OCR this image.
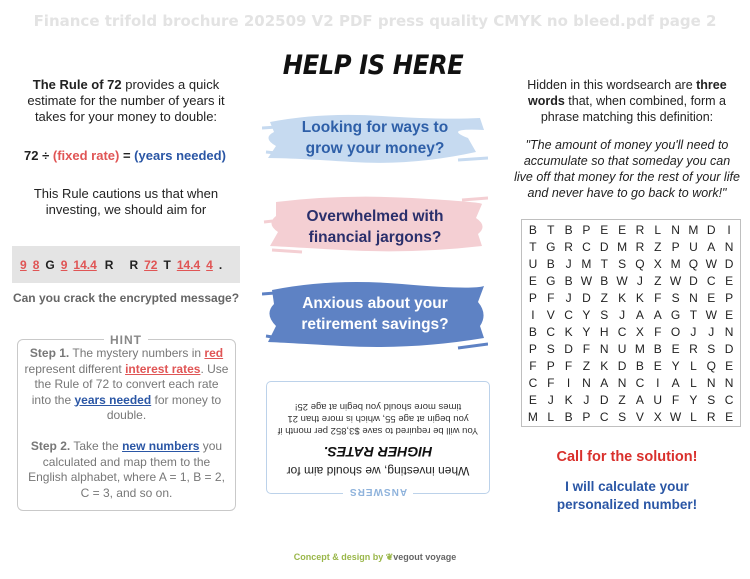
Finance trifold brochure 202509 V2 PDF press quality CMYK no bleed.pdf page 2
The Rule of 72 provides a quick estimate for the number of years it takes for your money to double:
72 ÷ (fixed rate) = (years needed)
This Rule cautions us that when investing, we should aim for
9 8 G 9 14.4 R R 72 T 14.4 4 .
Can you crack the encrypted message?
HINT
Step 1. The mystery numbers in red represent different interest rates. Use the Rule of 72 to convert each rate into the years needed for money to double.
Step 2. Take the new numbers you calculated and map them to the English alphabet, where A = 1, B = 2, C = 3, and so on.
HELP IS HERE
Looking for ways to
grow your money?
Overwhelmed with
financial jargons?
Anxious about your
retirement savings?
ANSWERS
When investing, we should aim for
HIGHER RATES.
You will be required to save $3,852 per month if you begin at age 55, which is more than 21 times more should you begin at age 25!
Concept & design by ❦vegout voyage
Hidden in this wordsearch are three words that, when combined, form a phrase matching this definition:
"The amount of money you'll need to accumulate so that someday you can live off that money for the rest of your life and never have to go back to work!"
B T B P E E R L N M D I
T G R C D M R Z P U A N
U B J M T S Q X M Q W D
E G B W B W J Z W D C E
P F J D Z K K F S N E P
I	V C Y S J A A G T W E
B C K Y H C X F O J J N
P S D F N U M B E R S D
F P F Z K D B E Y L Q E
C F	I N A N C I	A L N N
E J K J D Z A U F Y S C
M L B P C S V X W L R E
Call for the solution!
I will calculate your
personalized number!
